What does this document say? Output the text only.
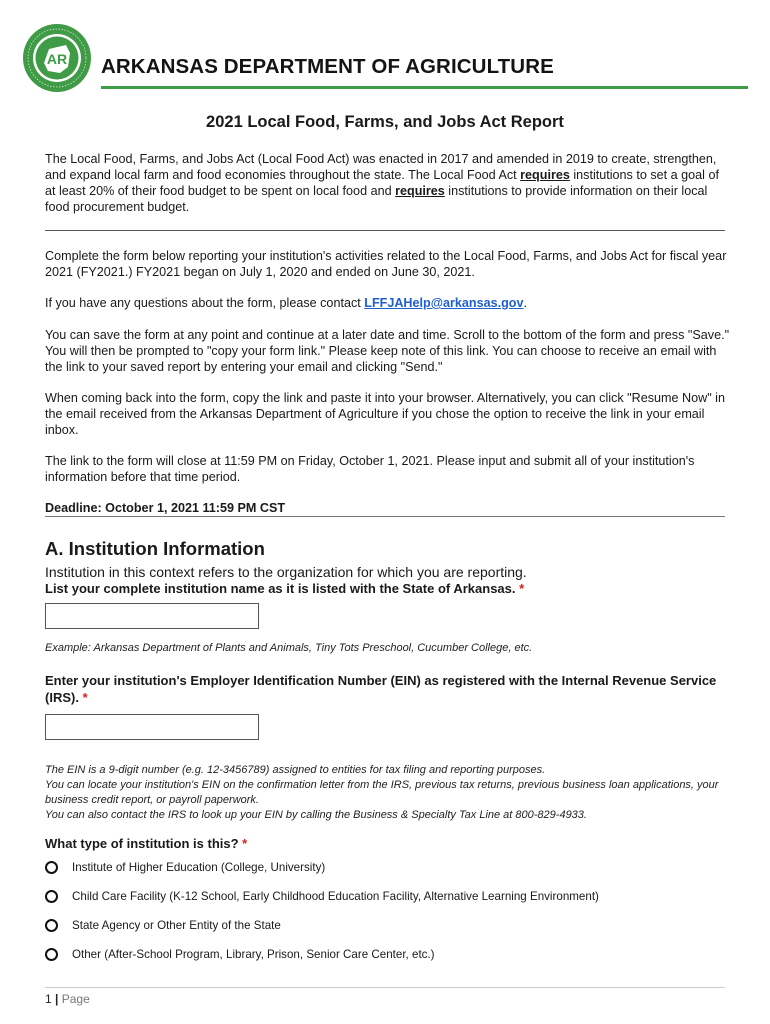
AR ARKANSAS DEPARTMENT OF AGRICULTURE
2021 Local Food, Farms, and Jobs Act Report
The Local Food, Farms, and Jobs Act (Local Food Act) was enacted in 2017 and amended in 2019 to create, strengthen, and expand local farm and food economies throughout the state. The Local Food Act requires institutions to set a goal of at least 20% of their food budget to be spent on local food and requires institutions to provide information on their local food procurement budget.
Complete the form below reporting your institution's activities related to the Local Food, Farms, and Jobs Act for fiscal year 2021 (FY2021.) FY2021 began on July 1, 2020 and ended on June 30, 2021.
If you have any questions about the form, please contact LFFJAHelp@arkansas.gov.
You can save the form at any point and continue at a later date and time. Scroll to the bottom of the form and press "Save." You will then be prompted to "copy your form link." Please keep note of this link. You can choose to receive an email with the link to your saved report by entering your email and clicking "Send."
When coming back into the form, copy the link and paste it into your browser. Alternatively, you can click "Resume Now" in the email received from the Arkansas Department of Agriculture if you chose the option to receive the link in your email inbox.
The link to the form will close at 11:59 PM on Friday, October 1, 2021. Please input and submit all of your institution's information before that time period.
Deadline: October 1, 2021 11:59 PM CST
A. Institution Information
Institution in this context refers to the organization for which you are reporting.
List your complete institution name as it is listed with the State of Arkansas. *
Example: Arkansas Department of Plants and Animals, Tiny Tots Preschool, Cucumber College, etc.
Enter your institution's Employer Identification Number (EIN) as registered with the Internal Revenue Service (IRS). *
The EIN is a 9-digit number (e.g. 12-3456789) assigned to entities for tax filing and reporting purposes.
You can locate your institution's EIN on the confirmation letter from the IRS, previous tax returns, previous business loan applications, your business credit report, or payroll paperwork.
You can also contact the IRS to look up your EIN by calling the Business & Specialty Tax Line at 800-829-4933.
What type of institution is this? *
Institute of Higher Education (College, University)
Child Care Facility (K-12 School, Early Childhood Education Facility, Alternative Learning Environment)
State Agency or Other Entity of the State
Other (After-School Program, Library, Prison, Senior Care Center, etc.)
1 | Page
